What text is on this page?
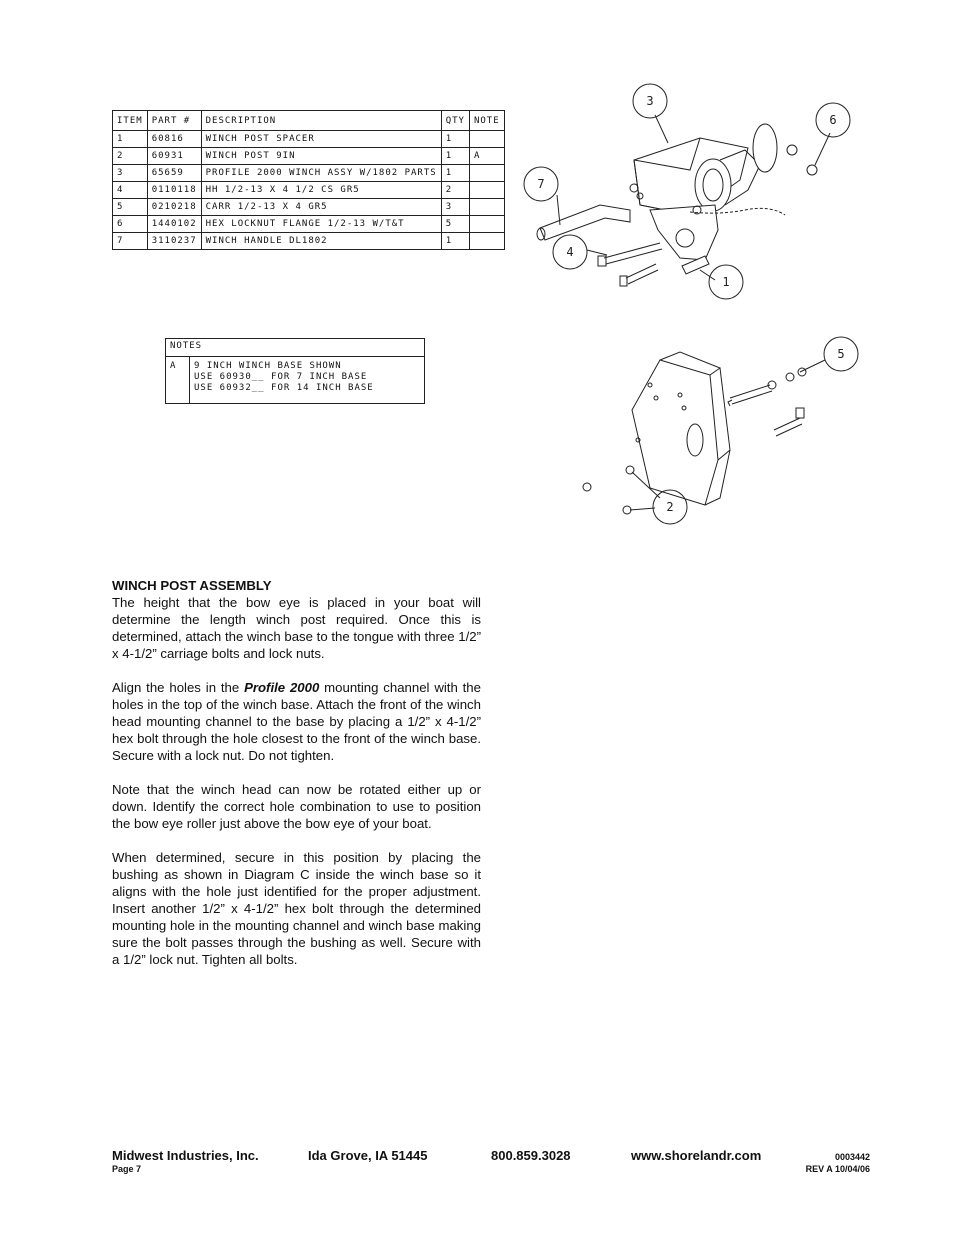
ITEM	PART #	DESCRIPTION	QTY	NOTE
1	60816	WINCH POST SPACER	1	
2	60931	WINCH POST 9IN	1	A
3	65659	PROFILE 2000 WINCH ASSY W/1802 PARTS	1	
4	0110118	HH 1/2-13 X 4 1/2 CS GR5	2	
5	0210218	CARR 1/2-13 X 4 GR5	3	
6	1440102	HEX LOCKNUT FLANGE 1/2-13 W/T&T	5	
7	3110237	WINCH HANDLE DL1802	1	
NOTES
A	9 INCH WINCH BASE SHOWN
USE 60930__ FOR 7 INCH BASE
USE 60932__ FOR 14 INCH BASE
3
6
7
4
1
5
2
WINCH POST ASSEMBLY

The height that the bow eye is placed in your boat will determine the length winch post required. Once this is determined, attach the winch base to the tongue with three 1/2” x 4-1/2” carriage bolts and lock nuts.

Align the holes in the Profile 2000 mounting channel with the holes in the top of the winch base. Attach the front of the winch head mounting channel to the base by placing a 1/2” x 4-1/2” hex bolt through the hole closest to the front of the winch base. Secure with a lock nut. Do not tighten.

Note that the winch head can now be rotated either up or down. Identify the correct hole combination to use to position the bow eye roller just above the bow eye of your boat.

When determined, secure in this position by placing the bushing as shown in Diagram C inside the winch base so it aligns with the hole just identified for the proper adjustment. Insert another 1/2” x 4-1/2” hex bolt through the determined mounting hole in the mounting channel and winch base making sure the bolt passes through the bushing as well. Secure with a 1/2” lock nut. Tighten all bolts.

Midwest Industries, Inc.	Ida Grove, IA 51445	800.859.3028	www.shorelandr.com	0003442
Page 7	REV A 10/04/06
